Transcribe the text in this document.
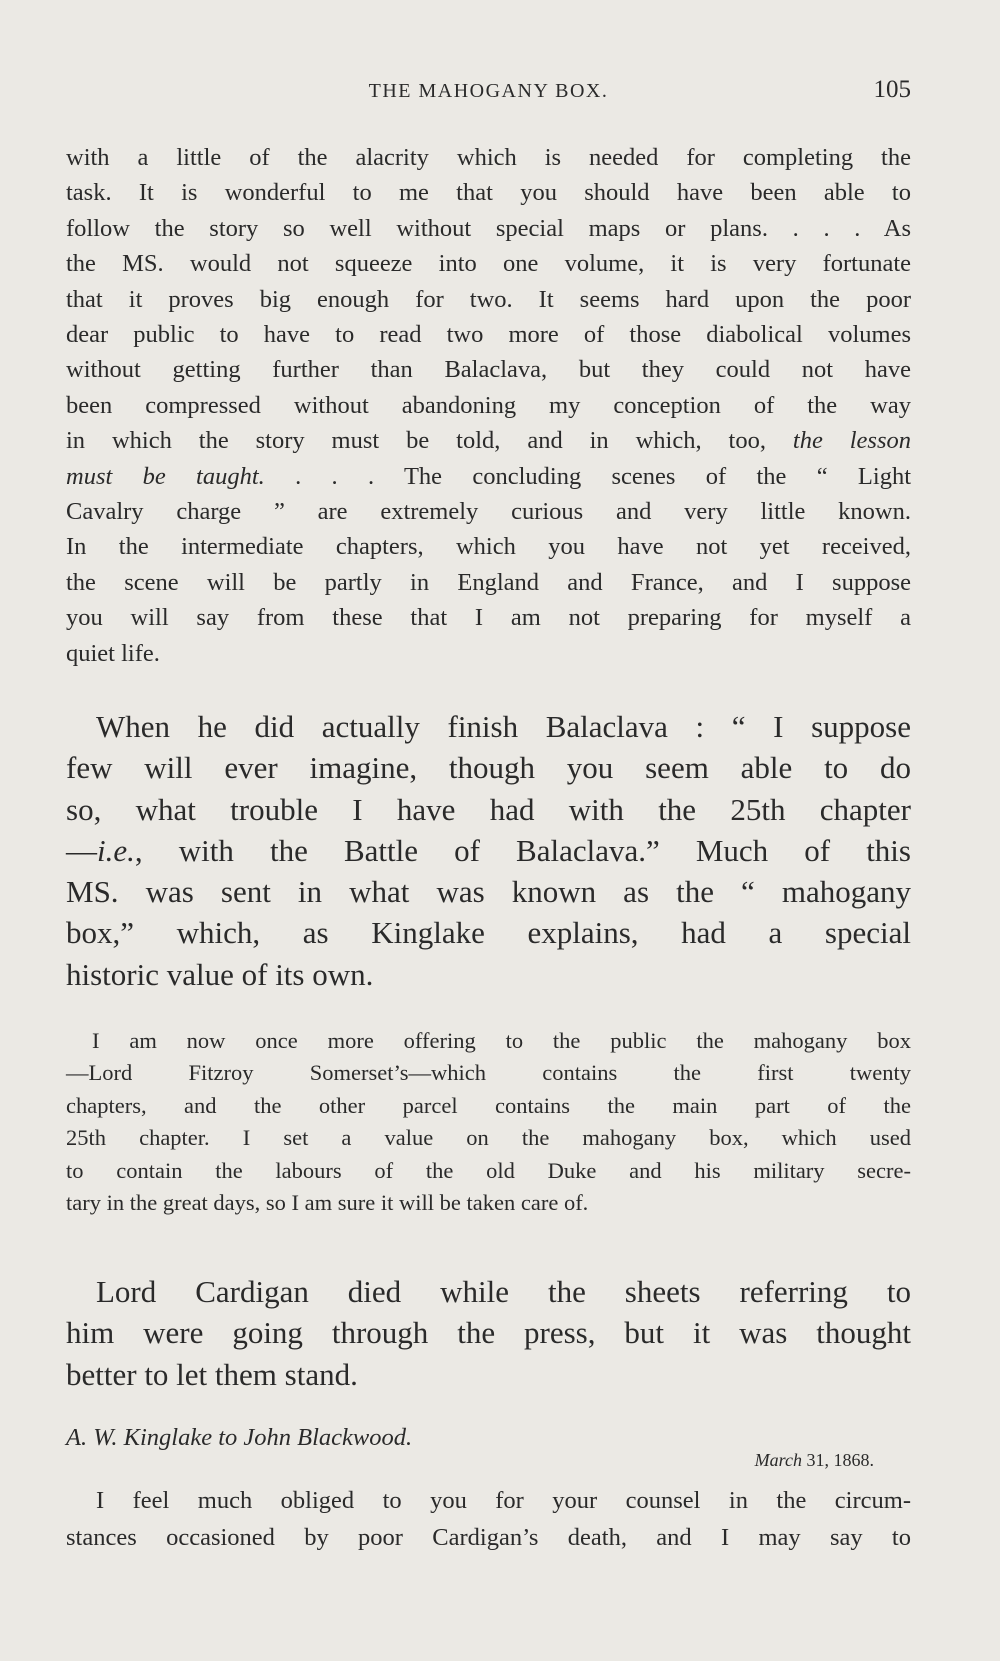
THE MAHOGANY BOX.	105
with a little of the alacrity which is needed for completing the
task. It is wonderful to me that you should have been able to
follow the story so well without special maps or plans. . . . As
the MS. would not squeeze into one volume, it is very fortunate
that it proves big enough for two. It seems hard upon the poor
dear public to have to read two more of those diabolical volumes
without getting further than Balaclava, but they could not have
been compressed without abandoning my conception of the way
in which the story must be told, and in which, too, the lesson
must be taught. . . . The concluding scenes of the “ Light
Cavalry charge ” are extremely curious and very little known.
In the intermediate chapters, which you have not yet received,
the scene will be partly in England and France, and I suppose
you will say from these that I am not preparing for myself a
quiet life.
When he did actually finish Balaclava : “ I suppose
few will ever imagine, though you seem able to do
so, what trouble I have had with the 25th chapter
—i.e., with the Battle of Balaclava.” Much of this
MS. was sent in what was known as the “ mahogany
box,” which, as Kinglake explains, had a special
historic value of its own.
I am now once more offering to the public the mahogany box
—Lord Fitzroy Somerset’s—which contains the first twenty
chapters, and the other parcel contains the main part of the
25th chapter. I set a value on the mahogany box, which used
to contain the labours of the old Duke and his military secre-
tary in the great days, so I am sure it will be taken care of.
Lord Cardigan died while the sheets referring to
him were going through the press, but it was thought
better to let them stand.
A. W. Kinglake to John Blackwood.
March 31, 1868.
I feel much obliged to you for your counsel in the circum-
stances occasioned by poor Cardigan’s death, and I may say to
